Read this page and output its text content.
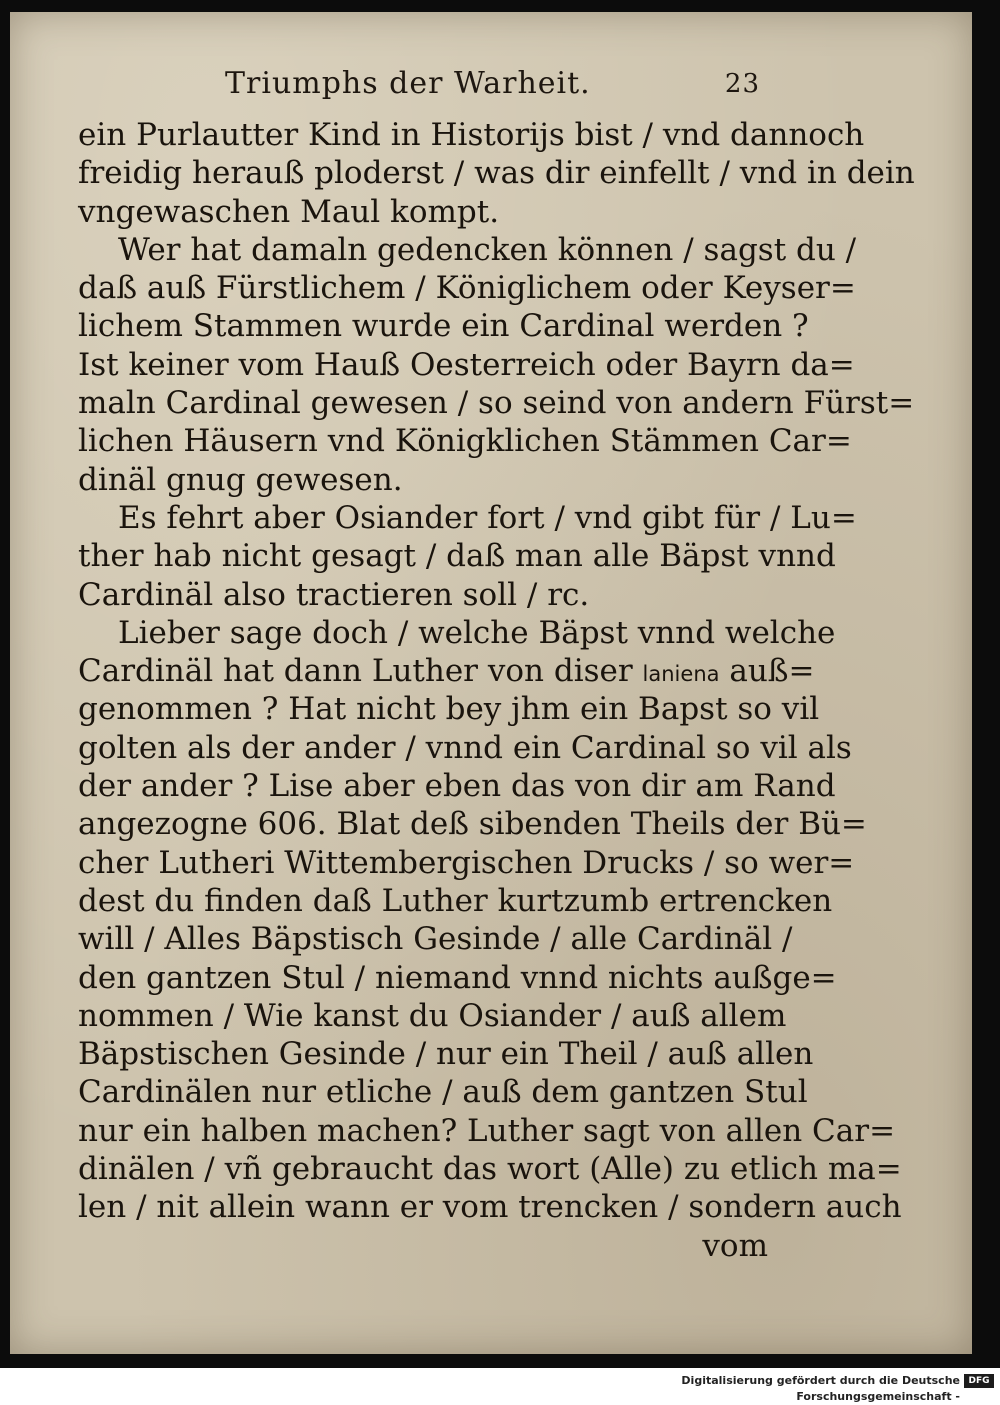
Triumphs der Warheit.	23
ein Purlautter Kind in Historijs bist / vnd dannoch
freidig herauß ploderst / was dir einfellt / vnd in dein
vngewaschen Maul kompt.
Wer hat damaln gedencken können / sagst du /
daß auß Fürstlichem / Königlichem oder Keyser=
lichem Stammen wurde ein Cardinal werden ?
Ist keiner vom Hauß Oesterreich oder Bayrn da=
maln Cardinal gewesen / so seind von andern Fürst=
lichen Häusern vnd Königklichen Stämmen Car=
dinäl gnug gewesen.
Es fehrt aber Osiander fort / vnd gibt für / Lu=
ther hab nicht gesagt / daß man alle Bäpst vnnd
Cardinäl also tractieren soll / rc.
Lieber sage doch / welche Bäpst vnnd welche
Cardinäl hat dann Luther von diser laniena auß=
genommen ? Hat nicht bey jhm ein Bapst so vil
golten als der ander / vnnd ein Cardinal so vil als
der ander ? Lise aber eben das von dir am Rand
angezogne 606. Blat deß sibenden Theils der Bü=
cher Lutheri Wittembergischen Drucks / so wer=
dest du finden daß Luther kurtzumb ertrencken
will / Alles Bäpstisch Gesinde / alle Cardinäl /
den gantzen Stul / niemand vnnd nichts außge=
nommen / Wie kanst du Osiander / auß allem
Bäpstischen Gesinde / nur ein Theil / auß allen
Cardinälen nur etliche / auß dem gantzen Stul
nur ein halben machen? Luther sagt von allen Car=
dinälen / vñ gebraucht das wort (Alle) zu etlich ma=
len / nit allein wann er vom trencken / sondern auch
vom
Digitalisierung gefördert durch die Deutsche Forschungsgemeinschaft -
DFG
